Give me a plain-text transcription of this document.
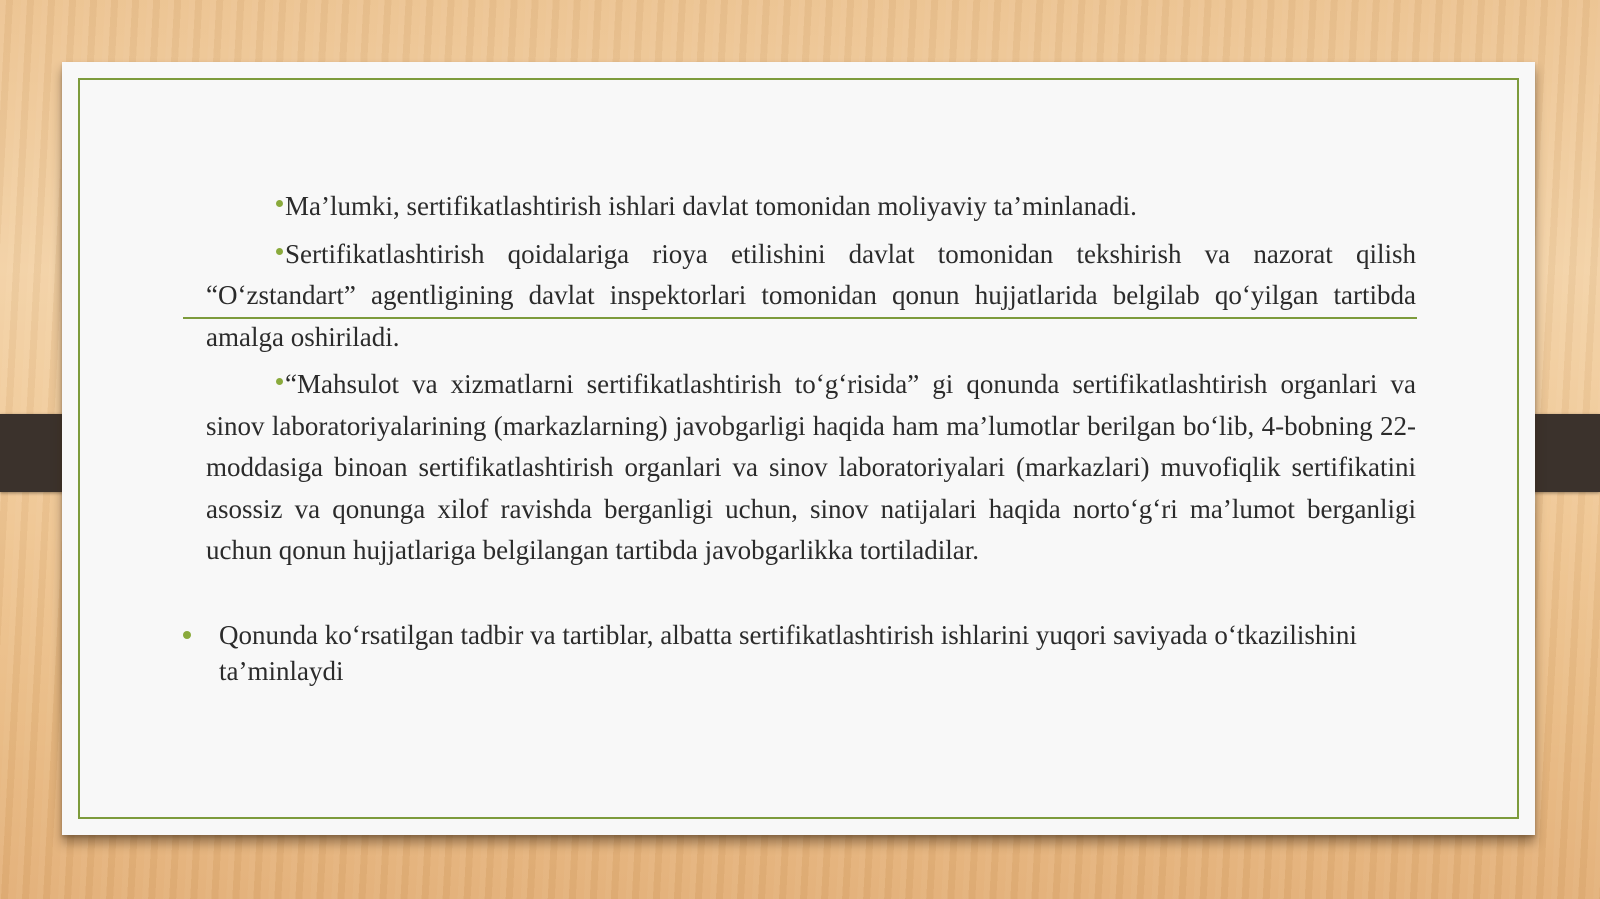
Ma’lumki, sertifikatlashtirish ishlari davlat tomonidan moliyaviy ta’minlanadi.

Sertifikatlashtirish qoidalariga rioya etilishini davlat tomonidan tekshirish va nazorat qilish “O‘zstandart” agentligining davlat inspektorlari tomonidan qonun hujjatlarida belgilab qo‘yilgan tartibda amalga oshiriladi.

“Mahsulot va xizmatlarni sertifikatlashtirish to‘g‘risida” gi qonunda sertifikatlashtirish organlari va sinov laboratoriyalarining (markazlarning) javobgarligi haqida ham ma’lumotlar berilgan bo‘lib, 4-bobning 22-moddasiga binoan sertifikatlashtirish organlari va sinov laboratoriyalari (markazlari) muvofiqlik sertifikatini asossiz va qonunga xilof ravishda berganligi uchun, sinov natijalari haqida norto‘g‘ri ma’lumot berganligi uchun qonun hujjatlariga belgilangan tartibda javobgarlikka tortiladilar.

Qonunda ko‘rsatilgan tadbir va tartiblar, albatta sertifikatlashtirish ishlarini yuqori saviyada o‘tkazilishini ta’minlaydi
